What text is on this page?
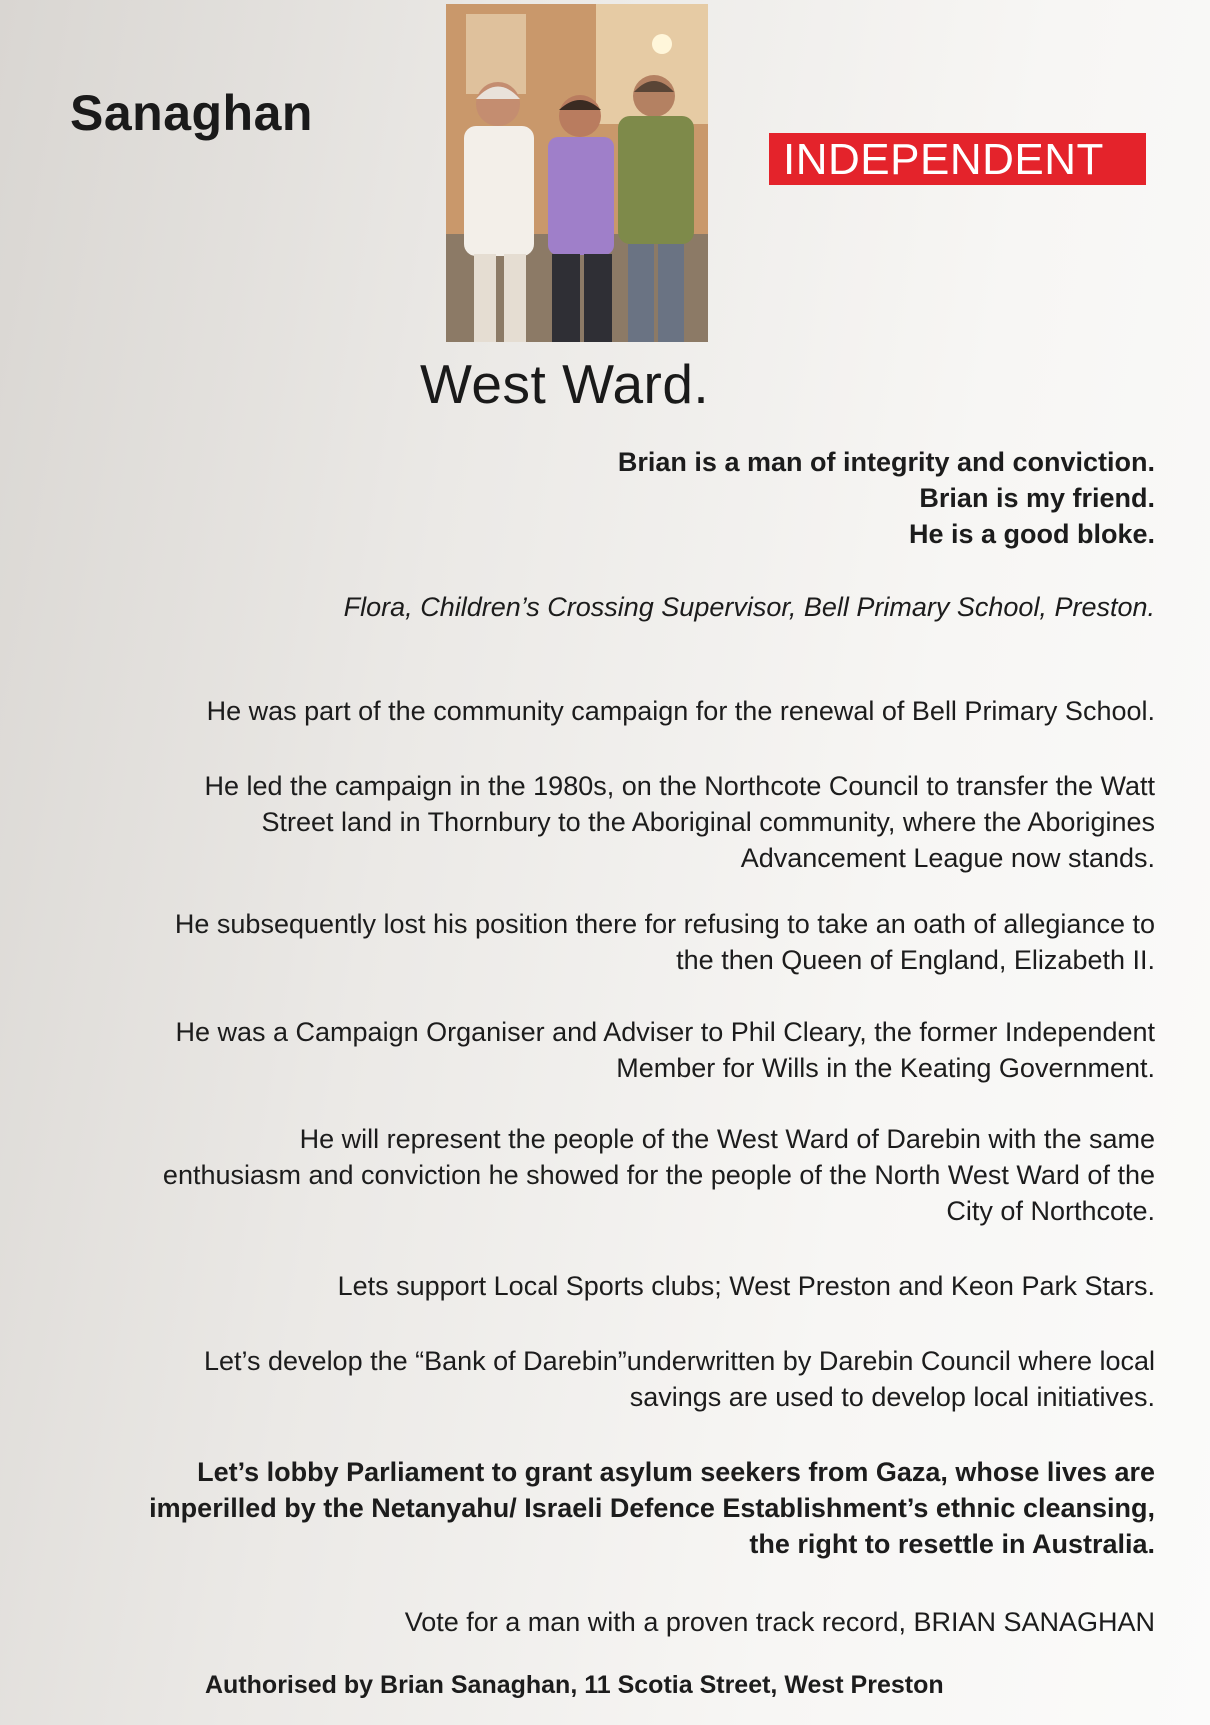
Sanaghan
INDEPENDENT
West Ward.
Brian is a man of integrity and conviction.
Brian is my friend.
He is a good bloke.
Flora, Children’s Crossing Supervisor, Bell Primary School, Preston.

He was part of the community campaign for the renewal of Bell Primary School.

He led the campaign in the 1980s, on the Northcote Council to transfer the Watt

Street land in Thornbury to the Aboriginal community, where the Aborigines

Advancement League now stands.

He subsequently lost his position there for refusing to take an oath of allegiance to

the then Queen of England, Elizabeth II.

He was a Campaign Organiser and Adviser to Phil Cleary, the former Independent

Member for Wills in the Keating Government.

He will represent the people of the West Ward of Darebin with the same

enthusiasm and conviction he showed for the people of the North West Ward of the

City of Northcote.

Lets support Local Sports clubs; West Preston and Keon Park Stars.

Let’s develop the “Bank of Darebin”underwritten by Darebin Council where local

savings are used to develop local initiatives.

Let’s lobby Parliament to grant asylum seekers from Gaza, whose lives are

imperilled by the Netanyahu/ Israeli Defence Establishment’s ethnic cleansing,

the right to resettle in Australia.

Vote for a man with a proven track record, BRIAN SANAGHAN

Authorised by Brian Sanaghan, 11 Scotia Street, West Preston
